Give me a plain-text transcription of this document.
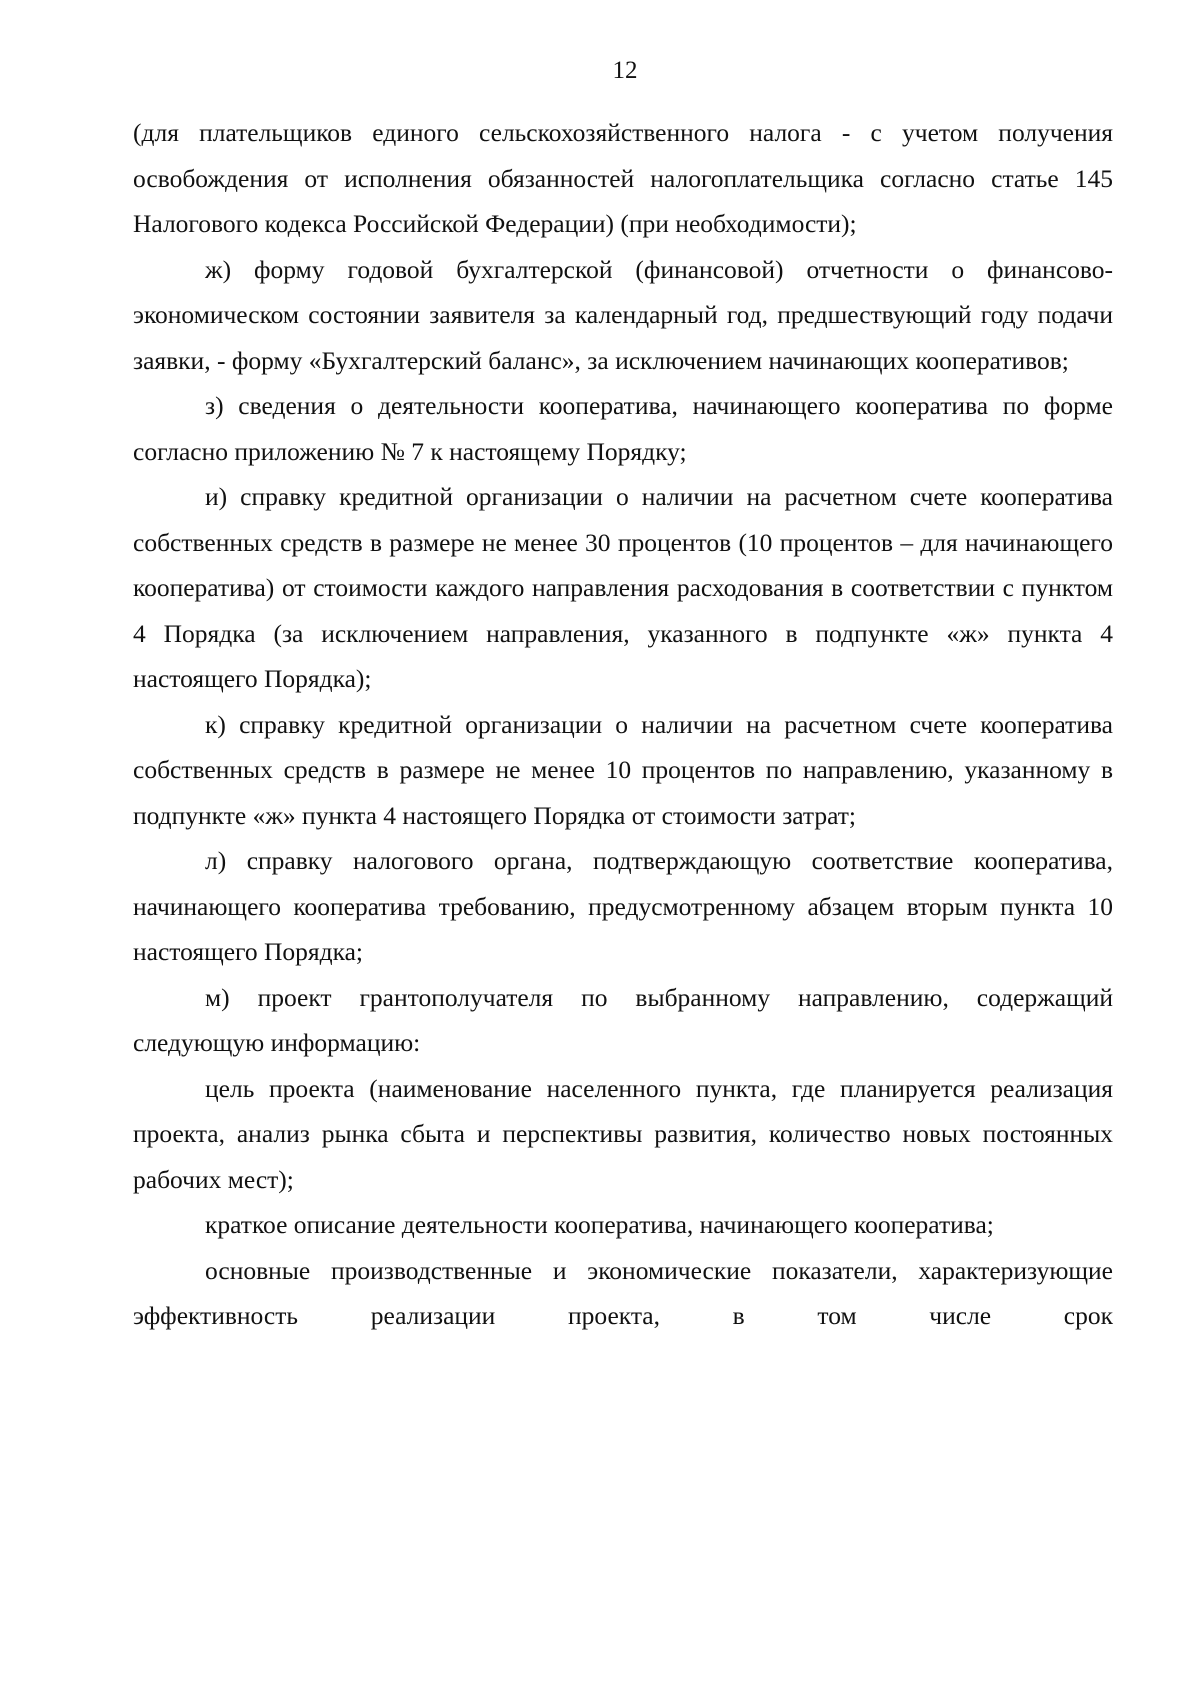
12

(для плательщиков единого сельскохозяйственного налога - с учетом получения освобождения от исполнения обязанностей налогоплательщика согласно статье 145 Налогового кодекса Российской Федерации) (при необходимости);

ж) форму годовой бухгалтерской (финансовой) отчетности о финансово-экономическом состоянии заявителя за календарный год, предшествующий году подачи заявки, - форму «Бухгалтерский баланс», за исключением начинающих кооперативов;

з) сведения о деятельности кооператива, начинающего кооператива по форме согласно приложению № 7 к настоящему Порядку;

и) справку кредитной организации о наличии на расчетном счете кооператива собственных средств в размере не менее 30 процентов (10 процентов – для начинающего кооператива) от стоимости каждого направления расходования в соответствии с пунктом 4 Порядка (за исключением направления, указанного в подпункте «ж» пункта 4 настоящего Порядка);

к) справку кредитной организации о наличии на расчетном счете кооператива собственных средств в размере не менее 10 процентов по направлению, указанному в подпункте «ж» пункта 4 настоящего Порядка от стоимости затрат;

л) справку налогового органа, подтверждающую соответствие кооператива, начинающего кооператива требованию, предусмотренному абзацем вторым пункта 10 настоящего Порядка;

м) проект грантополучателя по выбранному направлению, содержащий следующую информацию:

цель проекта (наименование населенного пункта, где планируется реализация проекта, анализ рынка сбыта и перспективы развития, количество новых постоянных рабочих мест);

краткое описание деятельности кооператива, начинающего кооператива;

основные производственные и экономические показатели, характеризующие эффективность реализации проекта, в том числе срок
